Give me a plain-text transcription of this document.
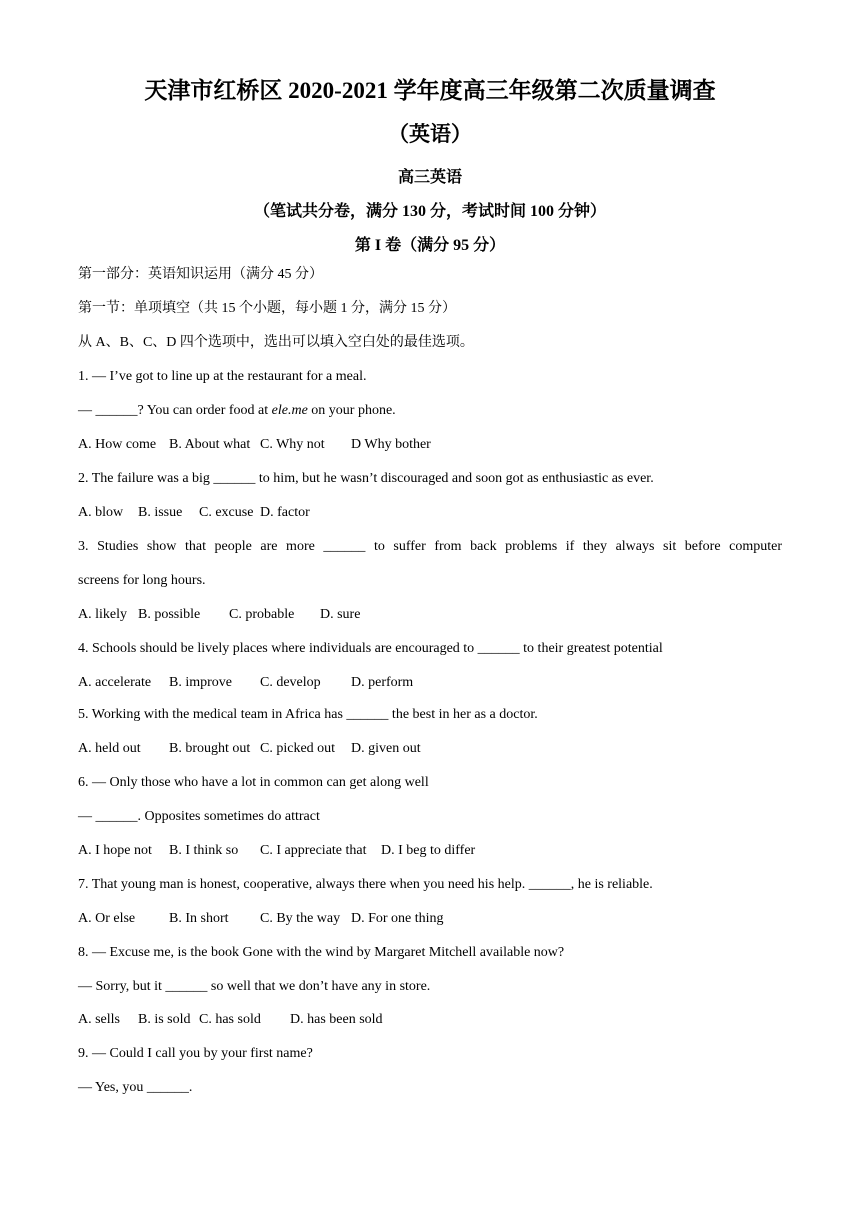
天津市红桥区 2020-2021 学年度高三年级第二次质量调查
（英语）
高三英语
（笔试共分卷，满分 130 分，考试时间 100 分钟）
第 I 卷（满分 95 分）
第一部分：英语知识运用（满分 45 分）
第一节：单项填空（共 15 个小题，每小题 1 分，满分 15 分）
从 A、B、C、D 四个选项中，选出可以填入空白处的最佳选项。
1. — I’ve got to line up at the restaurant for a meal.
— ______? You can order food at ele.me on your phone.
A. How come B. About what C. Why not D Why bother
2. The failure was a big ______ to him, but he wasn’t discouraged and soon got as enthusiastic as ever.
A. blow B. issue C. excuse D. factor
3. Studies show that people are more ______ to suffer from back problems if they always sit before computer
screens for long hours.
A. likely B. possible C. probable D. sure
4. Schools should be lively places where individuals are encouraged to ______ to their greatest potential
A. accelerate B. improve C. develop D. perform
5. Working with the medical team in Africa has ______ the best in her as a doctor.
A. held out B. brought out C. picked out D. given out
6. — Only those who have a lot in common can get along well
— ______. Opposites sometimes do attract
A. I hope not B. I think so C. I appreciate that D. I beg to differ
7. That young man is honest, cooperative, always there when you need his help. ______, he is reliable.
A. Or else B. In short C. By the way D. For one thing
8. — Excuse me, is the book Gone with the wind by Margaret Mitchell available now?
— Sorry, but it ______ so well that we don’t have any in store.
A. sells B. is sold C. has sold D. has been sold
9. — Could I call you by your first name?
— Yes, you ______.
